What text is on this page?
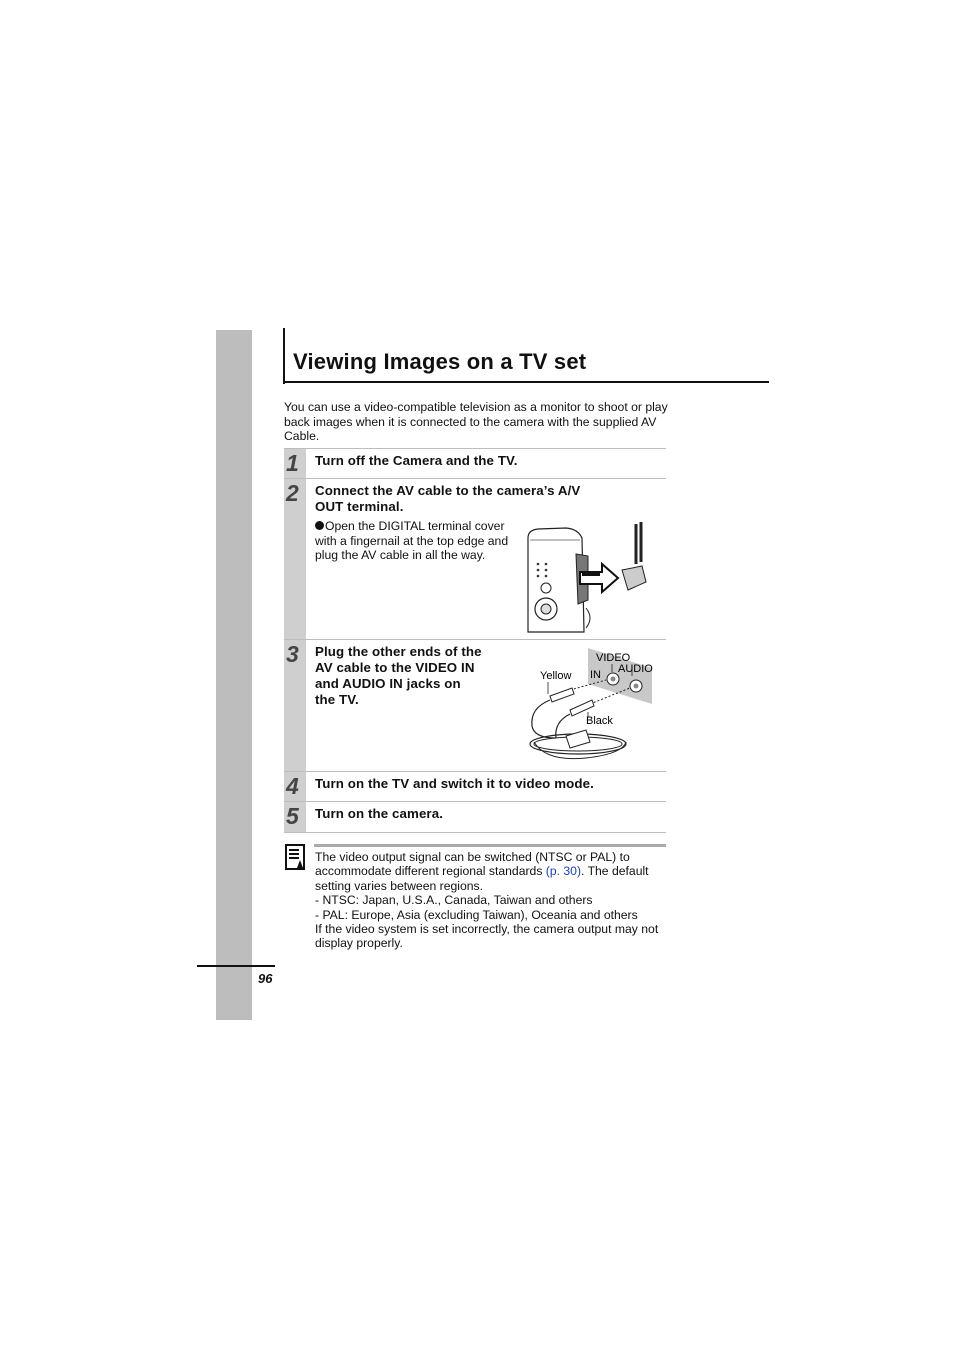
96
Viewing Images on a TV set

You can use a video-compatible television as a monitor to shoot or play back images when it is connected to the camera with the supplied AV Cable.

1 Turn off the Camera and the TV.
2 Connect the AV cable to the camera’s A/V
OUT terminal.

Open the DIGITAL terminal cover with a fingernail at the top edge and plug the AV cable in all the way.

3 Plug the other ends of the
AV cable to the VIDEO IN
and AUDIO IN jacks on
the TV.
4 Turn on the TV and switch it to video mode.
5 Turn on the camera.
VIDEO
IN AUDIO
Yellow
Black

The video output signal can be switched (NTSC or PAL) to accommodate different regional standards (p. 30). The default setting varies between regions.

- NTSC: Japan, U.S.A., Canada, Taiwan and others

- PAL: Europe, Asia (excluding Taiwan), Oceania and others

If the video system is set incorrectly, the camera output may not display properly.
